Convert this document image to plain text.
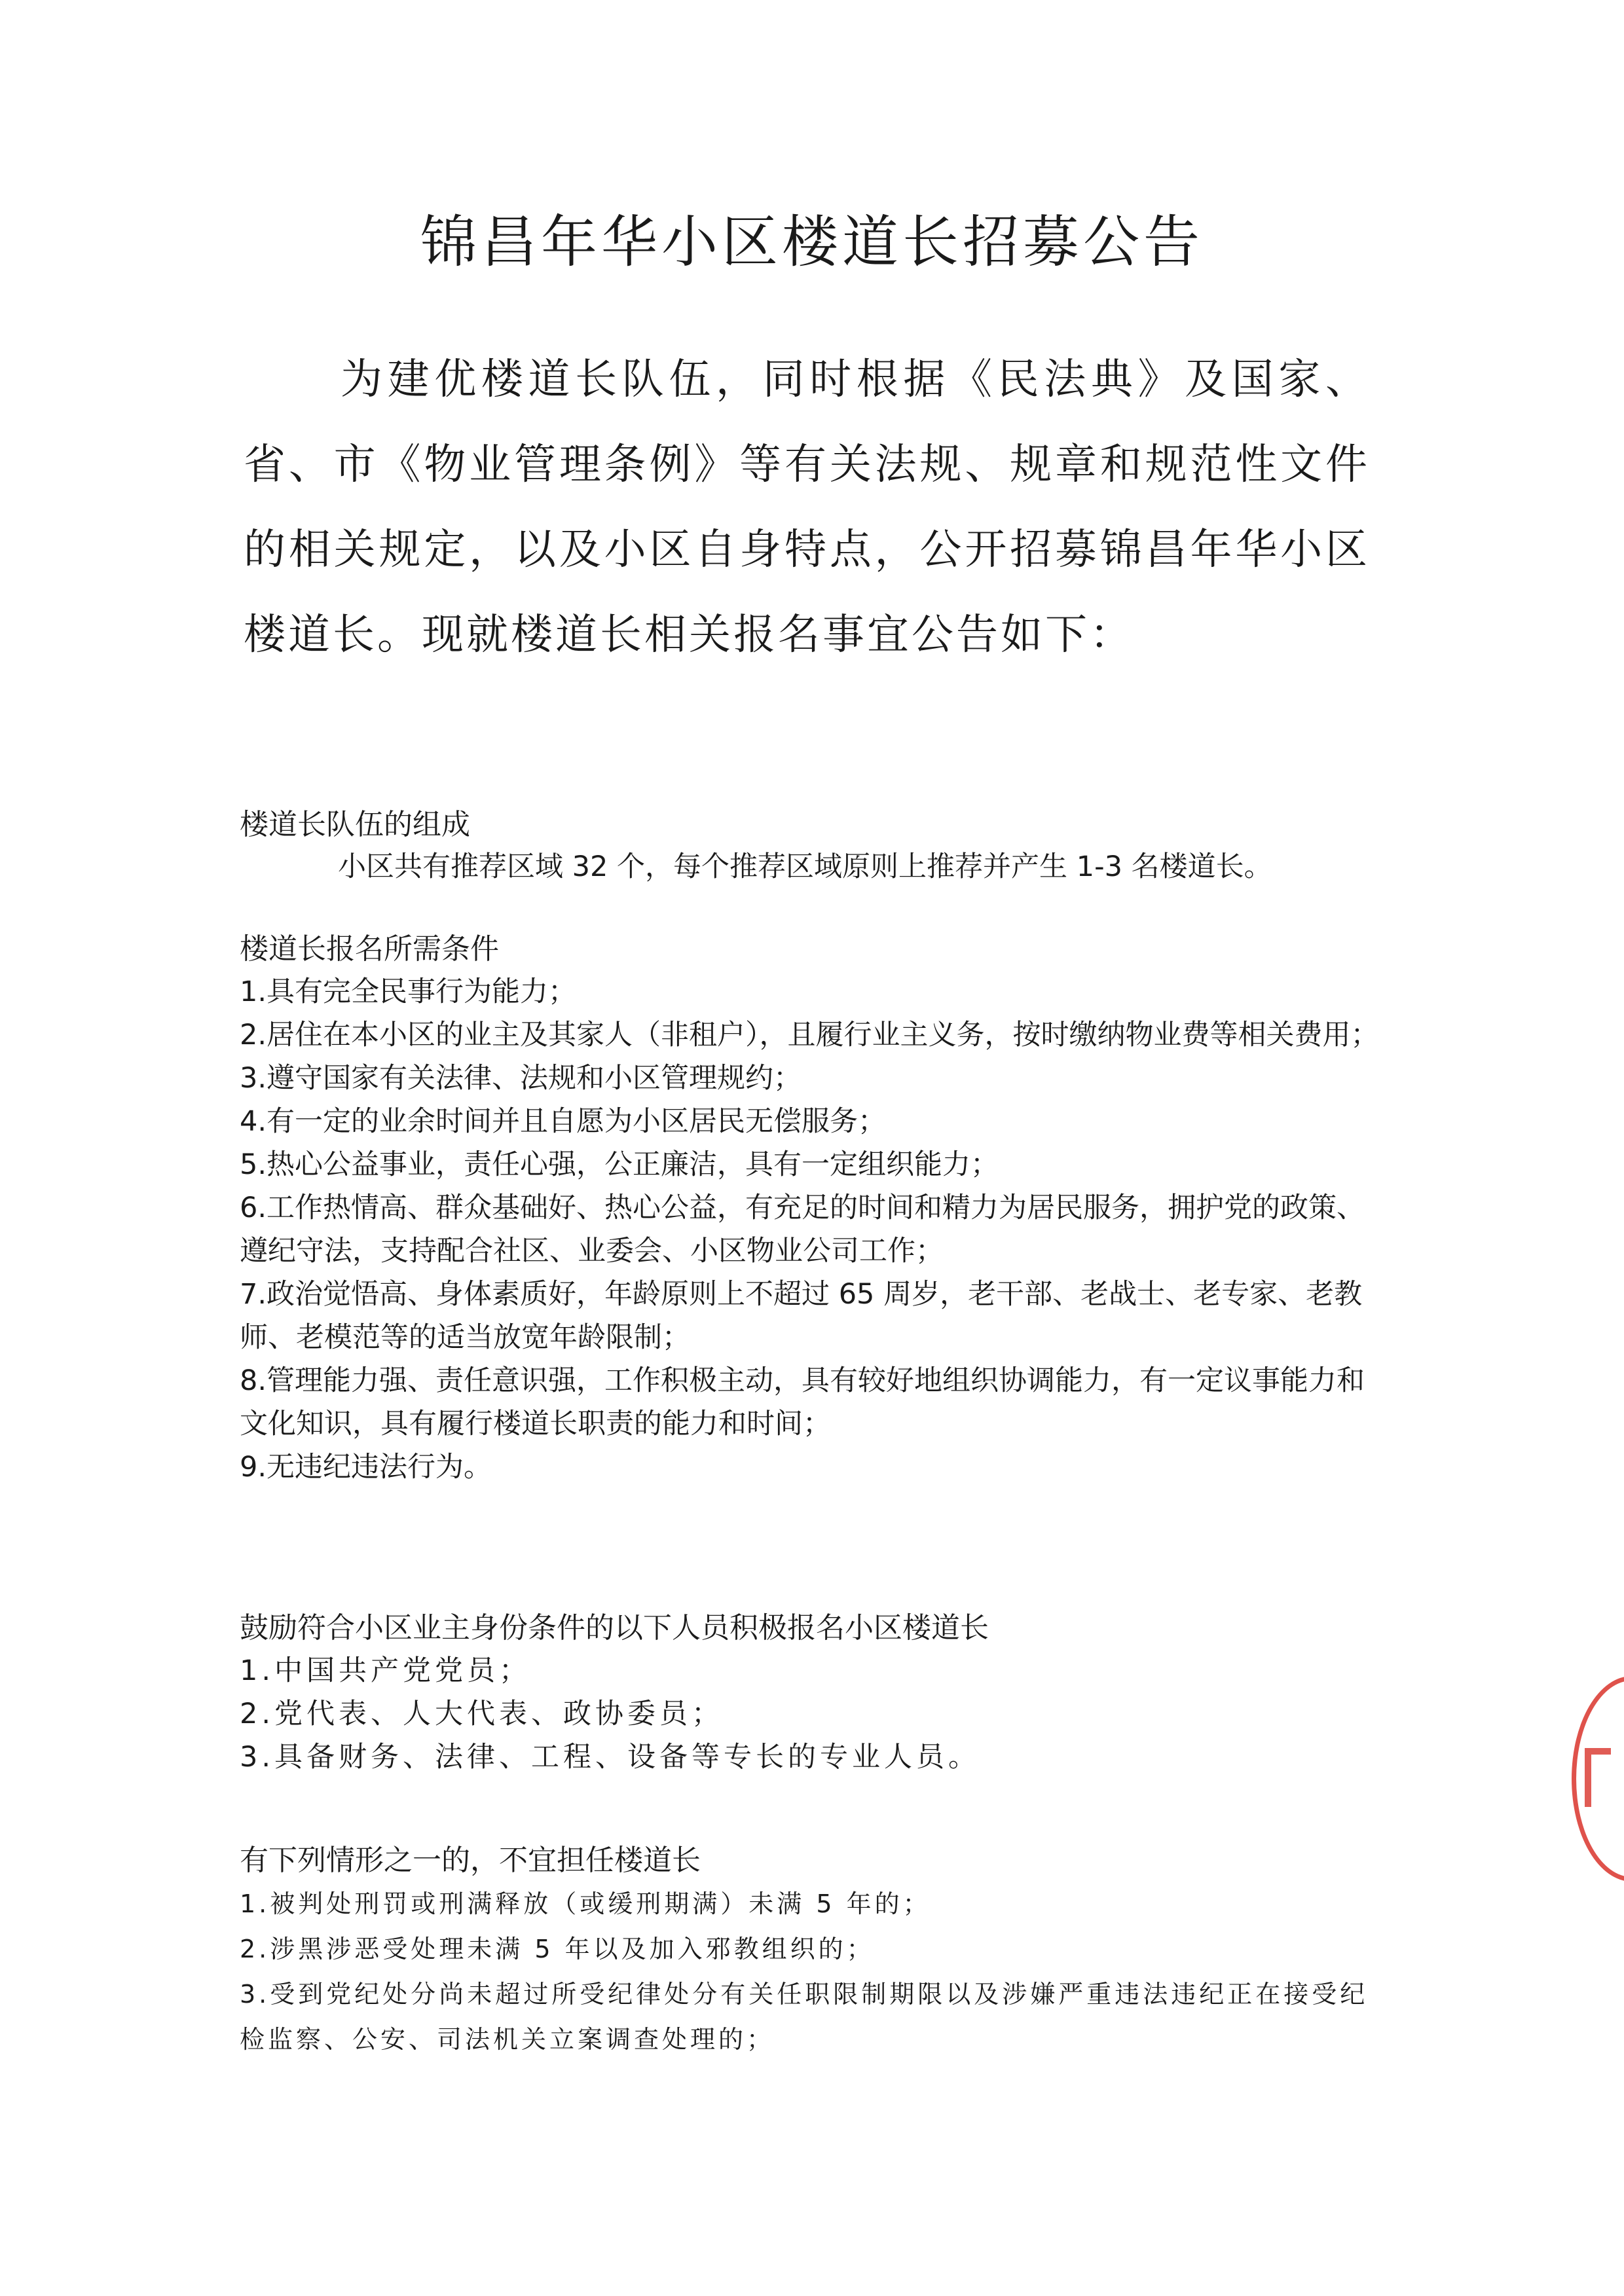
锦昌年华小区楼道长招募公告

为建优楼道长队伍，同时根据《民法典》及国家、省、市《物业管理条例》等有关法规、规章和规范性文件的相关规定，以及小区自身特点，公开招募锦昌年华小区楼道长。现就楼道长相关报名事宜公告如下：

楼道长队伍的组成

小区共有推荐区域 32 个，每个推荐区域原则上推荐并产生 1-3 名楼道长。

楼道长报名所需条件
1.具有完全民事行为能力；
2.居住在本小区的业主及其家人（非租户），且履行业主义务，按时缴纳物业费等相关费用；
3.遵守国家有关法律、法规和小区管理规约；
4.有一定的业余时间并且自愿为小区居民无偿服务；
5.热心公益事业，责任心强，公正廉洁，具有一定组织能力；
6.工作热情高、群众基础好、热心公益，有充足的时间和精力为居民服务，拥护党的政策、遵纪守法，支持配合社区、业委会、小区物业公司工作；
7.政治觉悟高、身体素质好，年龄原则上不超过 65 周岁，老干部、老战士、老专家、老教师、老模范等的适当放宽年龄限制；
8.管理能力强、责任意识强，工作积极主动，具有较好地组织协调能力，有一定议事能力和文化知识，具有履行楼道长职责的能力和时间；
9.无违纪违法行为。
鼓励符合小区业主身份条件的以下人员积极报名小区楼道长
1.中国共产党党员；
2.党代表、人大代表、政协委员；
3.具备财务、法律、工程、设备等专长的专业人员。
有下列情形之一的，不宜担任楼道长
1.被判处刑罚或刑满释放（或缓刑期满）未满 5 年的；
2.涉黑涉恶受处理未满 5 年以及加入邪教组织的；
3.受到党纪处分尚未超过所受纪律处分有关任职限制期限以及涉嫌严重违法违纪正在接受纪检监察、公安、司法机关立案调查处理的；
